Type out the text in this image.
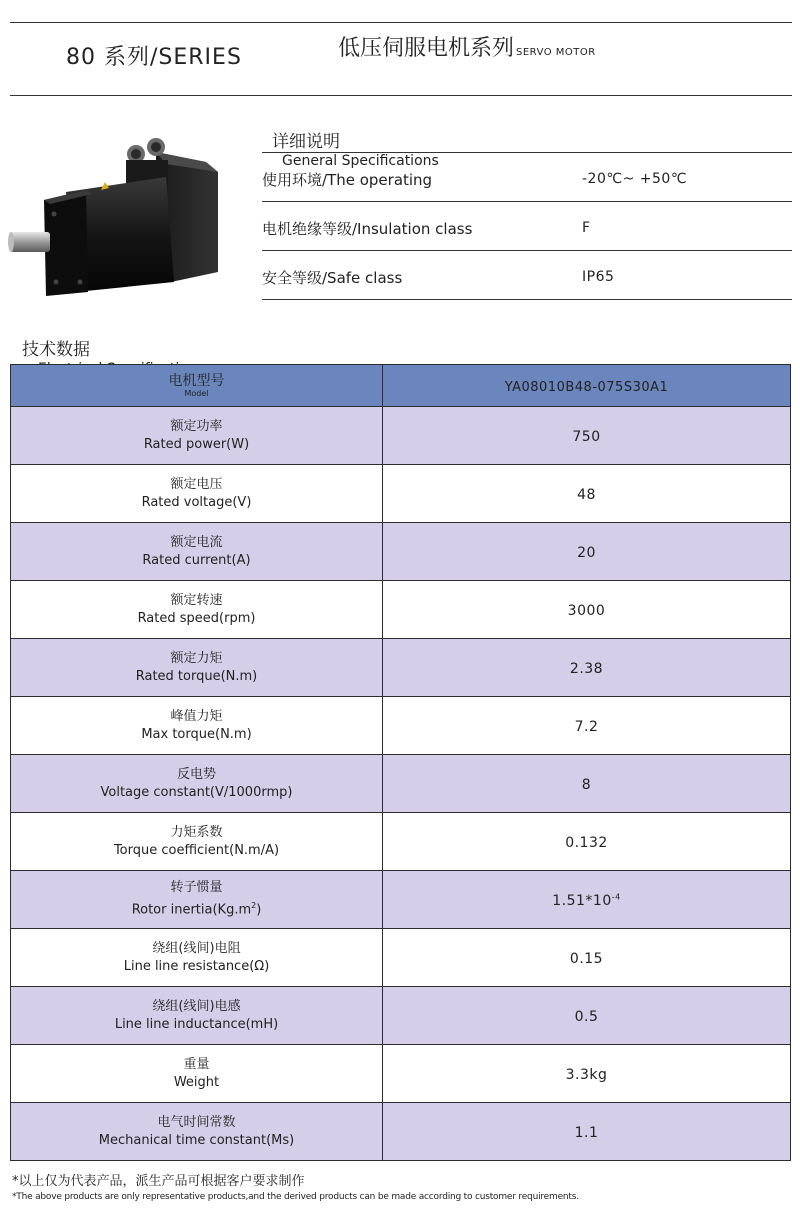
80 系列/SERIES	低压伺服电机系列 SERVO MOTOR
详细说明
General Specifications
使用环境/The operating	-20℃~ +50℃
电机绝缘等级/Insulation class	F
安全等级/Safe class	IP65
技术数据
电机型号
Model	YA08010B48-075S30A1

额定功率
Rated power(W)	750

额定电压
Rated voltage(V)	48

额定电流
Rated current(A)	20

额定转速
Rated speed(rpm)	3000

额定力矩
Rated torque(N.m)	2.38

峰值力矩
Max torque(N.m)	7.2

反电势
Voltage constant(V/1000rmp)	8

力矩系数
Torque coefficient(N.m/A)	0.132

转子惯量
Rotor $inertia(Kg.m^2)$	$1.51*10^{-4}$

绕组(线间)电阻
Line line resistance(Ω)	0.15

绕组(线间)电感
Line line inductance(mH)	0.5

重量
Weight	3.3kg

电气时间常数
Mechanical time constant(Ms)	1.1
*以上仅为代表产品，派生产品可根据客户要求制作
*The above products are only representative products,and the derived products can be made according to customer requirements.
